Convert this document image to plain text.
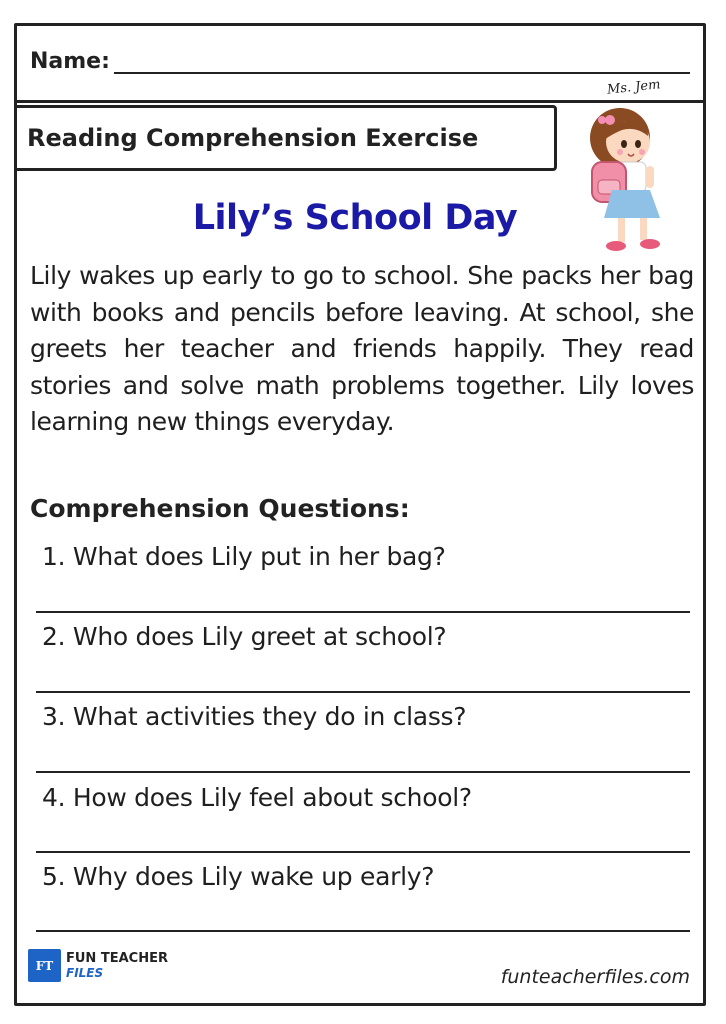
Name:
Reading Comprehension Exercise
Ms. Jem
Lily’s School Day
Lily wakes up early to go to school. She packs her bag with books and pencils before leaving. At school, she greets her teacher and friends happily. They read stories and solve math problems together. Lily loves learning new things everyday.
Comprehension Questions:
1. What does Lily put in her bag?
2. Who does Lily greet at school?
3. What activities they do in class?
4. How does Lily feel about school?
5. Why does Lily wake up early?
FT FUN TEACHER
FILES	funteacherfiles.com
